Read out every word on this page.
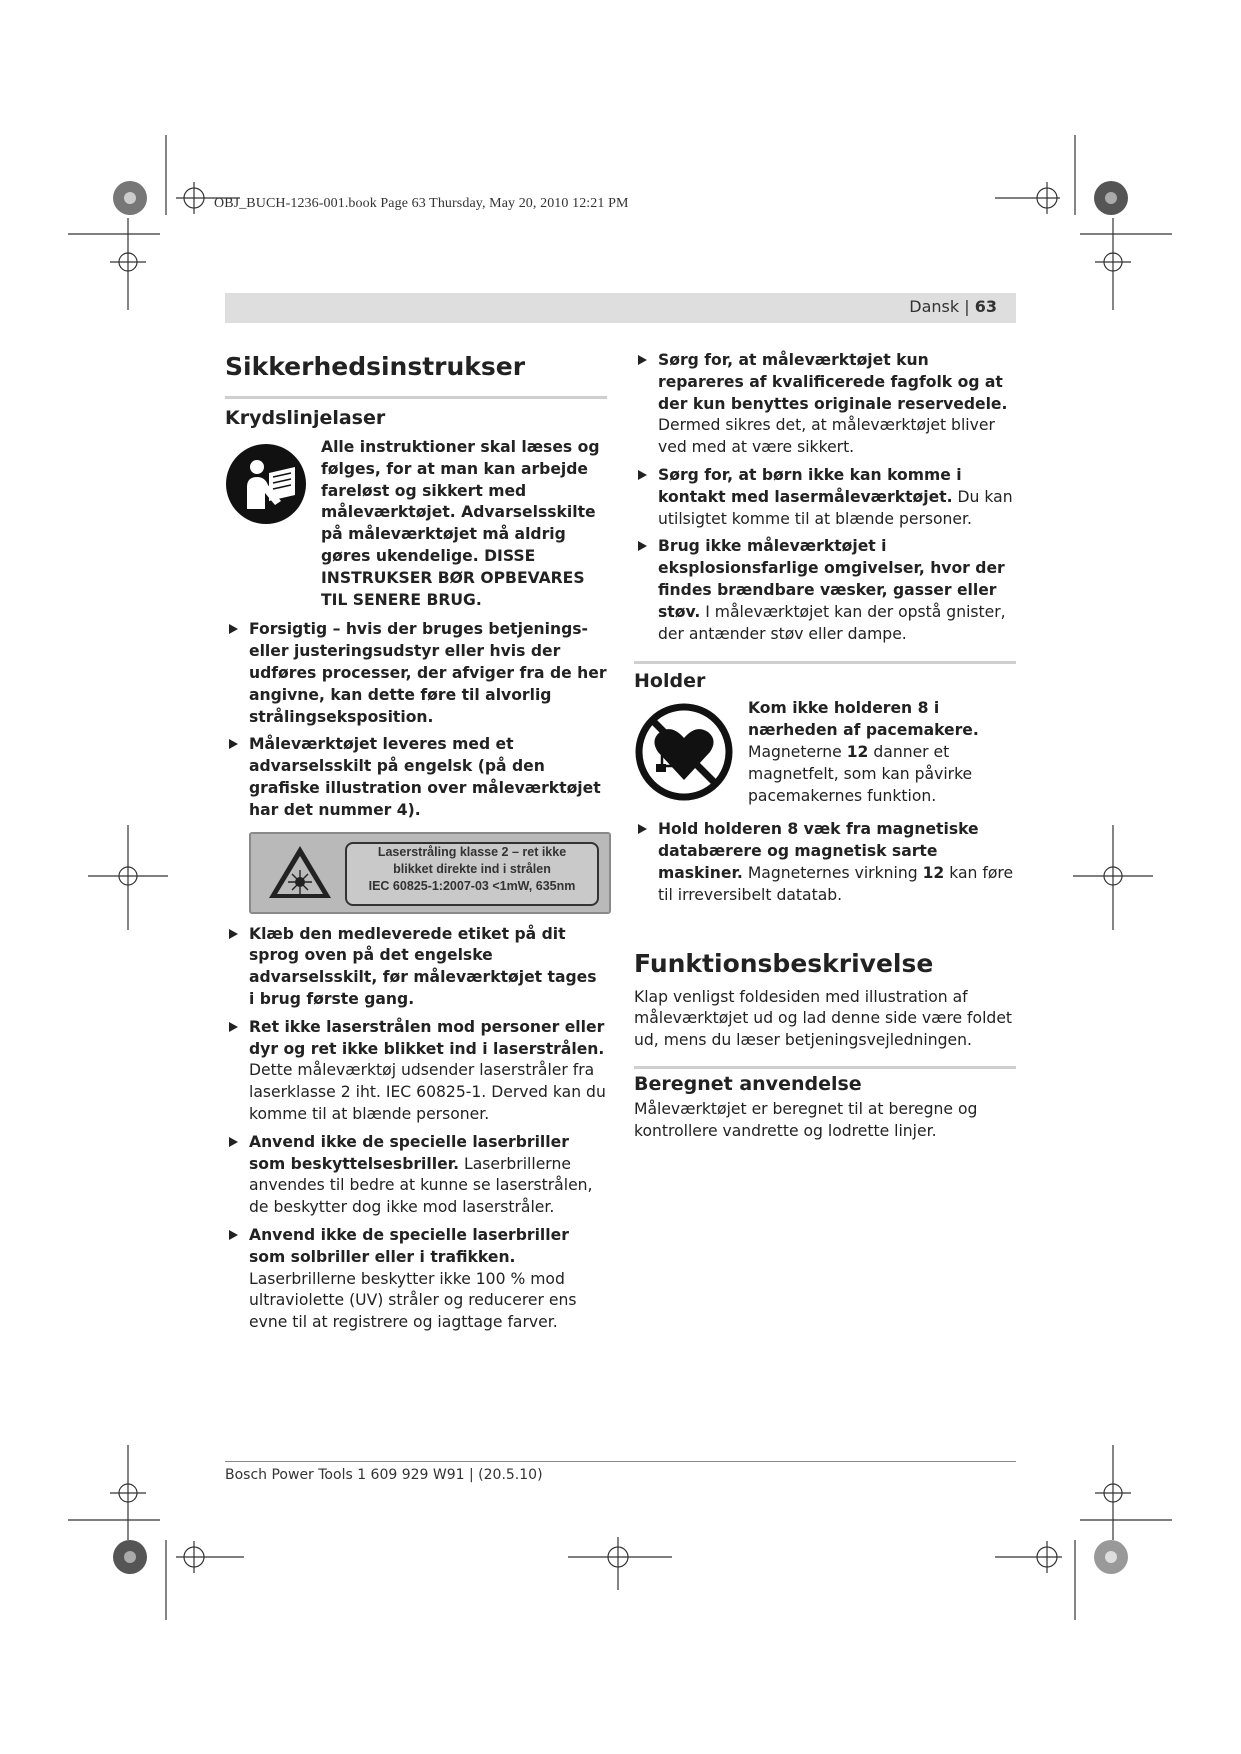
OBJ_BUCH-1236-001.book Page 63 Thursday, May 20, 2010 12:21 PM
Dansk | 63
Sikkerhedsinstrukser
Krydslinjelaser
Alle instruktioner skal læses og følges, for at man kan arbejde fareløst og sikkert med måleværktøjet. Advarselsskilte på måleværktøjet må aldrig gøres ukendelige. DISSE INSTRUKSER BØR OPBEVARES TIL SENERE BRUG.
Forsigtig – hvis der bruges betjenings- eller justeringsudstyr eller hvis der udføres processer, der afviger fra de her angivne, kan dette føre til alvorlig strålingseksposition.
Måleværktøjet leveres med et advarselsskilt på engelsk (på den grafiske illustration over måleværktøjet har det nummer 4).
Laserstråling klasse 2 – ret ikke
blikket direkte ind i strålen
IEC 60825-1:2007-03 <1mW, 635nm
Klæb den medleverede etiket på dit sprog oven på det engelske advarselsskilt, før måleværktøjet tages i brug første gang.
Ret ikke laserstrålen mod personer eller dyr og ret ikke blikket ind i laserstrålen. Dette måleværktøj udsender laserstråler fra laserklasse 2 iht. IEC 60825-1. Derved kan du komme til at blænde personer.
Anvend ikke de specielle laserbriller som beskyttelsesbriller. Laserbrillerne anvendes til bedre at kunne se laserstrålen, de beskytter dog ikke mod laserstråler.
Anvend ikke de specielle laserbriller som solbriller eller i trafikken. Laserbrillerne beskytter ikke 100 % mod ultraviolette (UV) stråler og reducerer ens evne til at registrere og iagttage farver.
Sørg for, at måleværktøjet kun repareres af kvalificerede fagfolk og at der kun benyttes originale reservedele. Dermed sikres det, at måleværktøjet bliver ved med at være sikkert.
Sørg for, at børn ikke kan komme i kontakt med lasermåleværktøjet. Du kan utilsigtet komme til at blænde personer.
Brug ikke måleværktøjet i eksplosionsfarlige omgivelser, hvor der findes brændbare væsker, gasser eller støv. I måleværktøjet kan der opstå gnister, der antænder støv eller dampe.
Holder
Kom ikke holderen 8 i nærheden af pacemakere. Magneterne 12 danner et magnetfelt, som kan påvirke pacemakernes funktion.
Hold holderen 8 væk fra magnetiske databærere og magnetisk sarte maskiner. Magneternes virkning 12 kan føre til irreversibelt datatab.
Funktionsbeskrivelse

Klap venligst foldesiden med illustration af måleværktøjet ud og lad denne side være foldet ud, mens du læser betjeningsvejledningen.

Beregnet anvendelse

Måleværktøjet er beregnet til at beregne og kontrollere vandrette og lodrette linjer.

Bosch Power Tools 1 609 929 W91 | (20.5.10)
